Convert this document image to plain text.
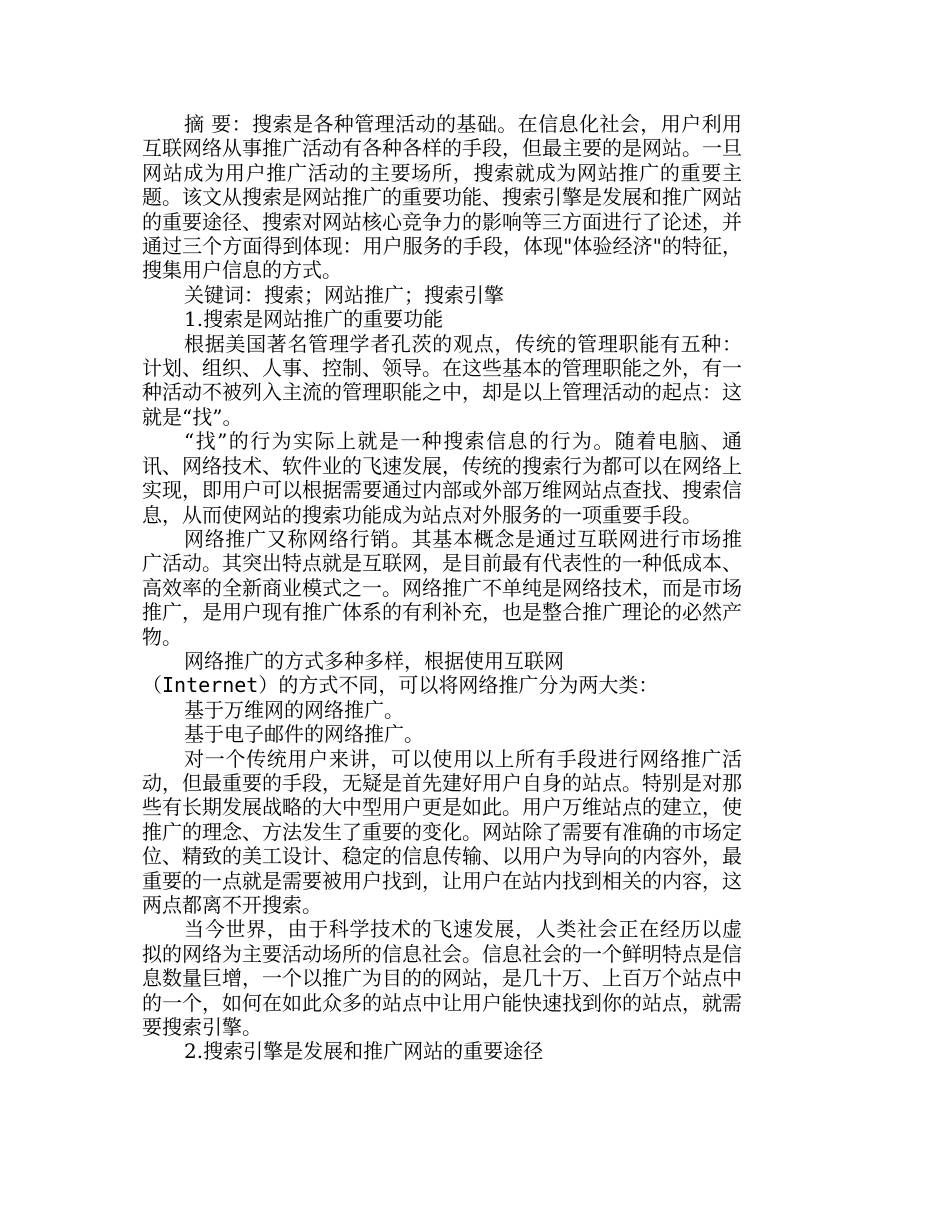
摘 要：搜索是各种管理活动的基础。在信息化社会，用户利用互联网络从事推广活动有各种各样的手段，但最主要的是网站。一旦网站成为用户推广活动的主要场所，搜索就成为网站推广的重要主题。该文从搜索是网站推广的重要功能、搜索引擎是发展和推广网站的重要途径、搜索对网站核心竞争力的影响等三方面进行了论述，并通过三个方面得到体现：用户服务的手段，体现"体验经济"的特征，搜集用户信息的方式。

关键词：搜索；网站推广；搜索引擎

1.搜索是网站推广的重要功能

根据美国著名管理学者孔茨的观点，传统的管理职能有五种：计划、组织、人事、控制、领导。在这些基本的管理职能之外，有一种活动不被列入主流的管理职能之中，却是以上管理活动的起点：这就是“找”。

“找”的行为实际上就是一种搜索信息的行为。随着电脑、通讯、网络技术、软件业的飞速发展，传统的搜索行为都可以在网络上实现，即用户可以根据需要通过内部或外部万维网站点查找、搜索信息，从而使网站的搜索功能成为站点对外服务的一项重要手段。

网络推广又称网络行销。其基本概念是通过互联网进行市场推广活动。其突出特点就是互联网，是目前最有代表性的一种低成本、高效率的全新商业模式之一。网络推广不单纯是网络技术，而是市场推广，是用户现有推广体系的有利补充，也是整合推广理论的必然产物。

网络推广的方式多种多样，根据使用互联网

（Internet）的方式不同，可以将网络推广分为两大类：

基于万维网的网络推广。

基于电子邮件的网络推广。

对一个传统用户来讲，可以使用以上所有手段进行网络推广活动，但最重要的手段，无疑是首先建好用户自身的站点。特别是对那些有长期发展战略的大中型用户更是如此。用户万维站点的建立，使推广的理念、方法发生了重要的变化。网站除了需要有准确的市场定位、精致的美工设计、稳定的信息传输、以用户为导向的内容外，最重要的一点就是需要被用户找到，让用户在站内找到相关的内容，这两点都离不开搜索。

当今世界，由于科学技术的飞速发展，人类社会正在经历以虚拟的网络为主要活动场所的信息社会。信息社会的一个鲜明特点是信息数量巨增，一个以推广为目的的网站，是几十万、上百万个站点中的一个，如何在如此众多的站点中让用户能快速找到你的站点，就需要搜索引擎。

2.搜索引擎是发展和推广网站的重要途径
